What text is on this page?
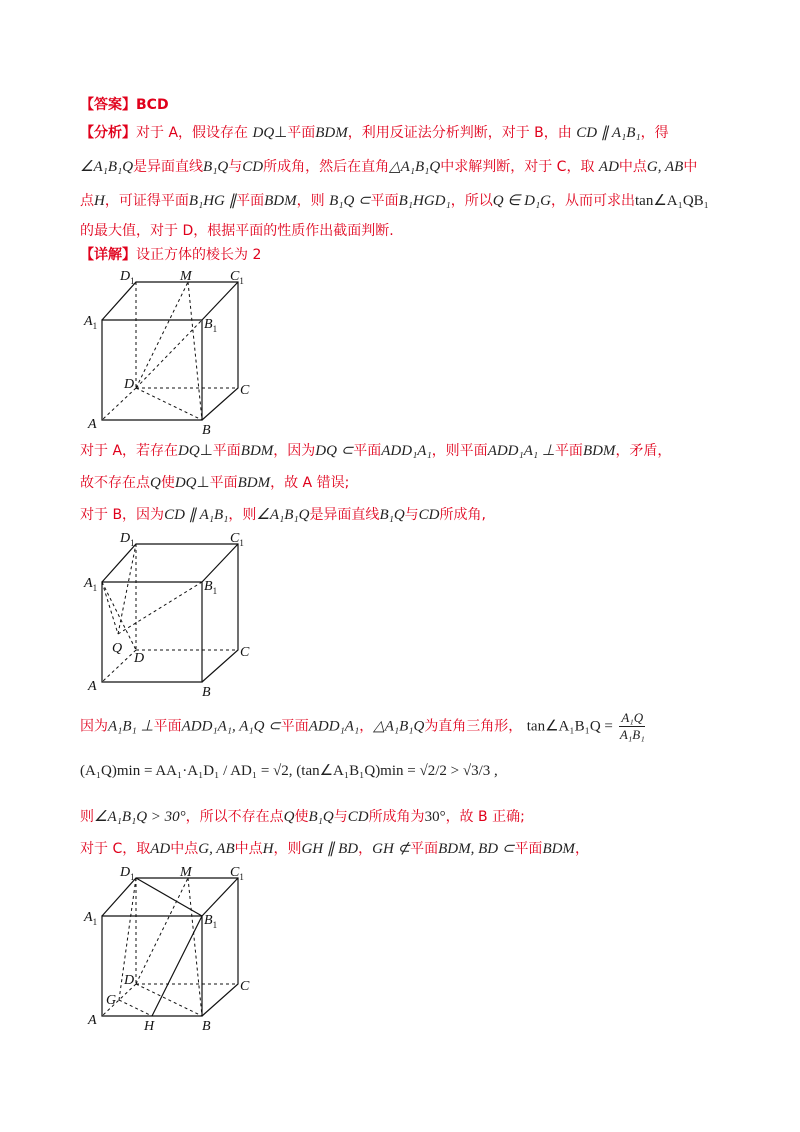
【答案】BCD
【分析】对于 A，假设存在 DQ⊥平面BDM，利用反证法分析判断，对于 B，由 CD ∥ A₁B₁，得
∠A₁B₁Q是异面直线B₁Q与CD所成角，然后在直角△A₁B₁Q中求解判断，对于 C，取 AD中点G, AB中
点H，可证得平面B₁HG ∥平面BDM，则 B₁Q ⊂平面B₁HGD₁，所以Q ∈ D₁G，从而可求出tan∠A₁QB₁
的最大值，对于 D，根据平面的性质作出截面判断.
【详解】设正方体的棱长为 2
$A_1$
$D_1$	M	$C_1$
$B_1$
D	C
A	B
对于 A，若存在DQ⊥平面BDM，因为DQ ⊂平面ADD₁A₁，则平面ADD₁A₁ ⊥平面BDM，矛盾，
故不存在点Q使DQ⊥平面BDM，故 A 错误;
对于 B，因为CD ∥ A₁B₁，则∠A₁B₁Q是异面直线B₁Q与CD所成角,
$A_1$
$D_1$	$C_1$
$B_1$
Q
D	C
A	B
因为A₁B₁ ⊥平面ADD₁A₁, A₁Q ⊂平面ADD₁A₁，△A₁B₁Q为直角三角形， tan∠A₁B₁Q = $\frac{\text{A₁Q}}{\text{A₁B₁}}$
(A₁Q)min = AA₁·A₁D₁ / AD₁ = √2, (tan∠A₁B₁Q)min = √2/2 > √3/3 ,
则∠A₁B₁Q > 30°，所以不存在点Q使B₁Q与CD所成角为30°，故 B 正确;
对于 C，取AD中点G, AB中点H，则GH ∥ BD，GH ⊄平面BDM, BD ⊂平面BDM，
$A_1$
$D_1$	M	$C_1$
$B_1$
D
G
C
A	H	B
